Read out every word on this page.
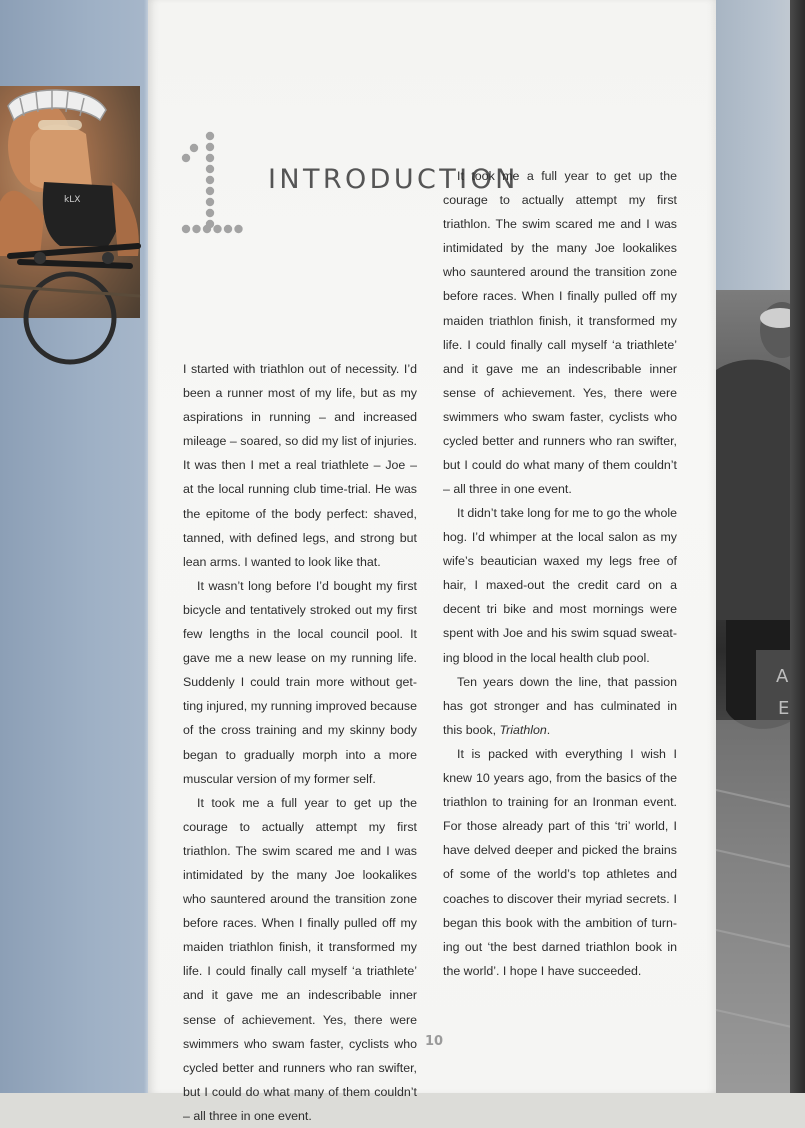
kLX
A
E
INTRODUCTION

I started with triathlon out of necessity. I’d been a runner most of my life, but as my aspirations in running – and increased mileage – soared, so did my list of injuries. It was then I met a real triathlete – Joe – at the local running club time-trial. He was the epitome of the body perfect: shaved, tanned, with defined legs, and strong but lean arms. I wanted to look like that.

It wasn’t long before I’d bought my first bicycle and tentatively stroked out my first few lengths in the local council pool. It gave me a new lease on my running life. Suddenly I could train more without get-ting injured, my running improved because of the cross training and my skinny body began to gradually morph into a more muscular version of my former self.

It took me a full year to get up the courage to actually attempt my first triathlon. The swim scared me and I was intimidated by the many Joe lookalikes who sauntered around the transition zone before races. When I finally pulled off my maiden triathlon finish, it transformed my life. I could finally call myself ‘a triathlete’ and it gave me an indescribable inner sense of achievement. Yes, there were swimmers who swam faster, cyclists who cycled better and runners who ran swifter, but I could do what many of them couldn’t – all three in one event.

It took me a full year to get up the courage to actually attempt my first triathlon. The swim scared me and I was intimidated by the many Joe lookalikes who sauntered around the transition zone before races. When I finally pulled off my maiden triathlon finish, it transformed my life. I could finally call myself ‘a triathlete’ and it gave me an indescribable inner sense of achievement. Yes, there were swimmers who swam faster, cyclists who cycled better and runners who ran swifter, but I could do what many of them couldn’t – all three in one event.

It didn’t take long for me to go the whole hog. I’d whimper at the local salon as my wife’s beautician waxed my legs free of hair, I maxed-out the credit card on a decent tri bike and most mornings were spent with Joe and his swim squad sweat-ing blood in the local health club pool.

Ten years down the line, that passion has got stronger and has culminated in this book, Triathlon.

It is packed with everything I wish I knew 10 years ago, from the basics of the triathlon to training for an Ironman event. For those already part of this ‘tri’ world, I have delved deeper and picked the brains of some of the world’s top athletes and coaches to discover their myriad secrets. I began this book with the ambition of turn-ing out ‘the best darned triathlon book in the world’. I hope I have succeeded.

10
